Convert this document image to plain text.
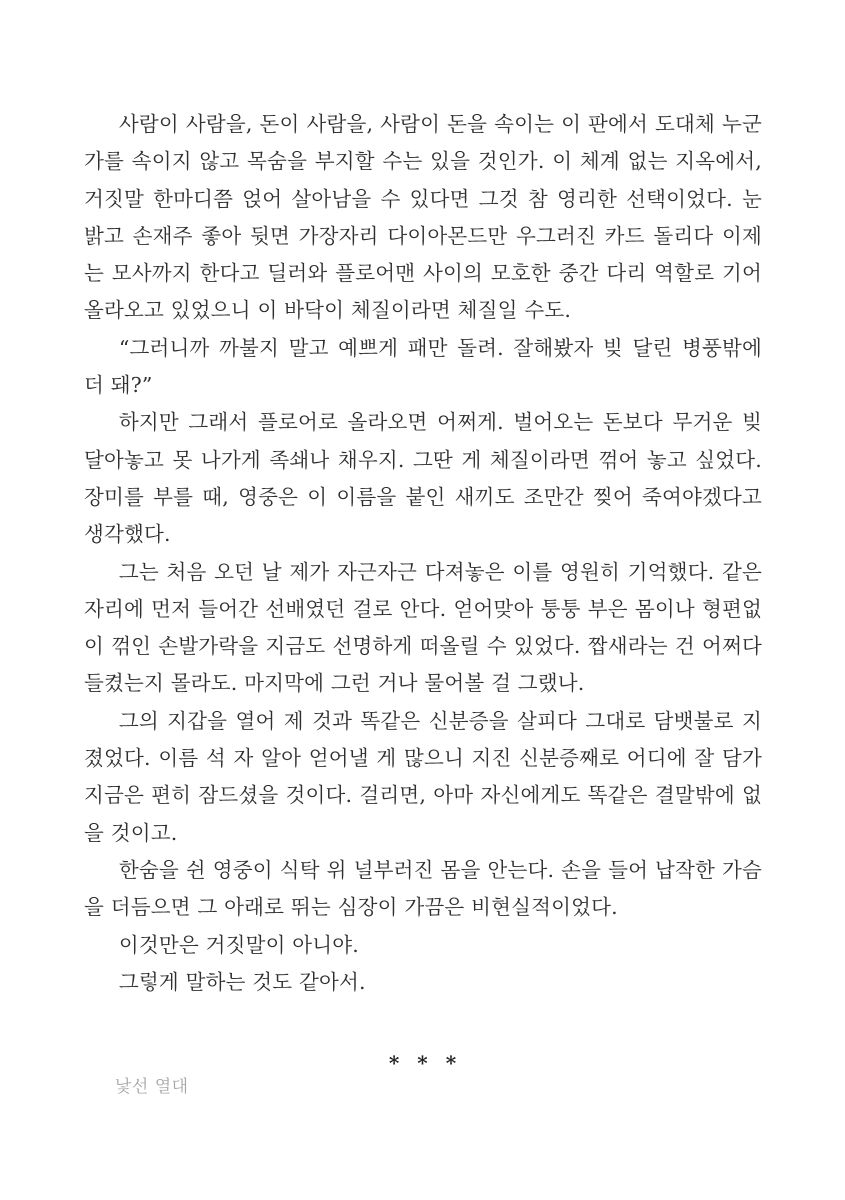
사람이 사람을, 돈이 사람을, 사람이 돈을 속이는 이 판에서 도대체 누군가를 속이지 않고 목숨을 부지할 수는 있을 것인가. 이 체계 없는 지옥에서, 거짓말 한마디쯤 얹어 살아남을 수 있다면 그것 참 영리한 선택이었다. 눈 밝고 손재주 좋아 뒷면 가장자리 다이아몬드만 우그러진 카드 돌리다 이제는 모사까지 한다고 딜러와 플로어맨 사이의 모호한 중간 다리 역할로 기어 올라오고 있었으니 이 바닥이 체질이라면 체질일 수도.

“그러니까 까불지 말고 예쁘게 패만 돌려. 잘해봤자 빚 달린 병풍밖에 더 돼?”

하지만 그래서 플로어로 올라오면 어쩌게. 벌어오는 돈보다 무거운 빚 달아놓고 못 나가게 족쇄나 채우지. 그딴 게 체질이라면 꺾어 놓고 싶었다. 장미를 부를 때, 영중은 이 이름을 붙인 새끼도 조만간 찢어 죽여야겠다고 생각했다.

그는 처음 오던 날 제가 자근자근 다져놓은 이를 영원히 기억했다. 같은 자리에 먼저 들어간 선배였던 걸로 안다. 얻어맞아 퉁퉁 부은 몸이나 형편없이 꺾인 손발가락을 지금도 선명하게 떠올릴 수 있었다. 짭새라는 건 어쩌다 들켰는지 몰라도. 마지막에 그런 거나 물어볼 걸 그랬나.

그의 지갑을 열어 제 것과 똑같은 신분증을 살피다 그대로 담뱃불로 지졌었다. 이름 석 자 알아 얻어낼 게 많으니 지진 신분증째로 어디에 잘 담가 지금은 편히 잠드셨을 것이다. 걸리면, 아마 자신에게도 똑같은 결말밖에 없을 것이고.

한숨을 쉰 영중이 식탁 위 널부러진 몸을 안는다. 손을 들어 납작한 가슴을 더듬으면 그 아래로 뛰는 심장이 가끔은 비현실적이었다.

이것만은 거짓말이 아니야.

그렇게 말하는 것도 같아서.

* * *
낯선 열대
